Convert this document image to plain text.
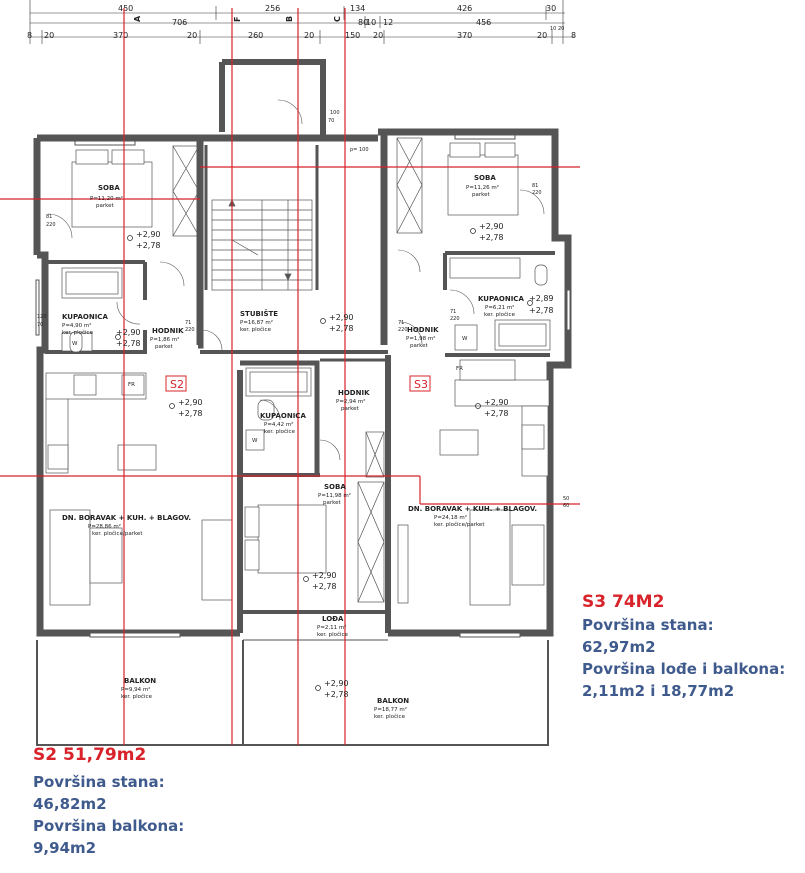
450	256	134	426	30
706	10
80 12	456
8 20	370	20	260	20	150 20	370	20	8
10 20
A	F	B	C
SOBA
P=11,20 m²
parket
SOBA
P=11,26 m²
parket
KUPAONICA
P=4,90 m²
ker. pločice
KUPAONICA
P=6,21 m²
ker. pločice
HODNIK
P=1,86 m²
parket
HODNIK
P=1,98 m²
parket
STUBIŠTE
P=16,87 m²
ker. pločice
HODNIK
P=2,94 m²
parket
KUPAONICA
P=4,42 m²
ker. pločice
SOBA
P=11,98 m²
parket
DN. BORAVAK + KUH. + BLAGOV.
P=28,86 m²
ker. pločice/parket
DN. BORAVAK + KUH. + BLAGOV.
P=24,18 m²
ker. pločice/parket
LOĐA
P=2,11 m²
ker. pločice
BALKON
P=9,94 m²
ker. pločice	BALKON
P=18,77 m²
ker. pločice
+2,90
+2,78
+2,90
+2,78
+2,90
+2,78
+2,90
+2,78
+2,90
+2,78
+2,90
+2,78
+2,90
+2,78
+2,90
+2,78
+2,89
+2,78
FR
FR
W
W
W
71
220
71
220
71
220
120
70
100
70
p= 100
81
220
81
220
50
60
S2	S3
S2 51,79m2
Površina stana:
46,82m2
Površina balkona:
9,94m2
S3 74M2
Površina stana:
62,97m2
Površina lođe i balkona:
2,11m2 i 18,77m2
